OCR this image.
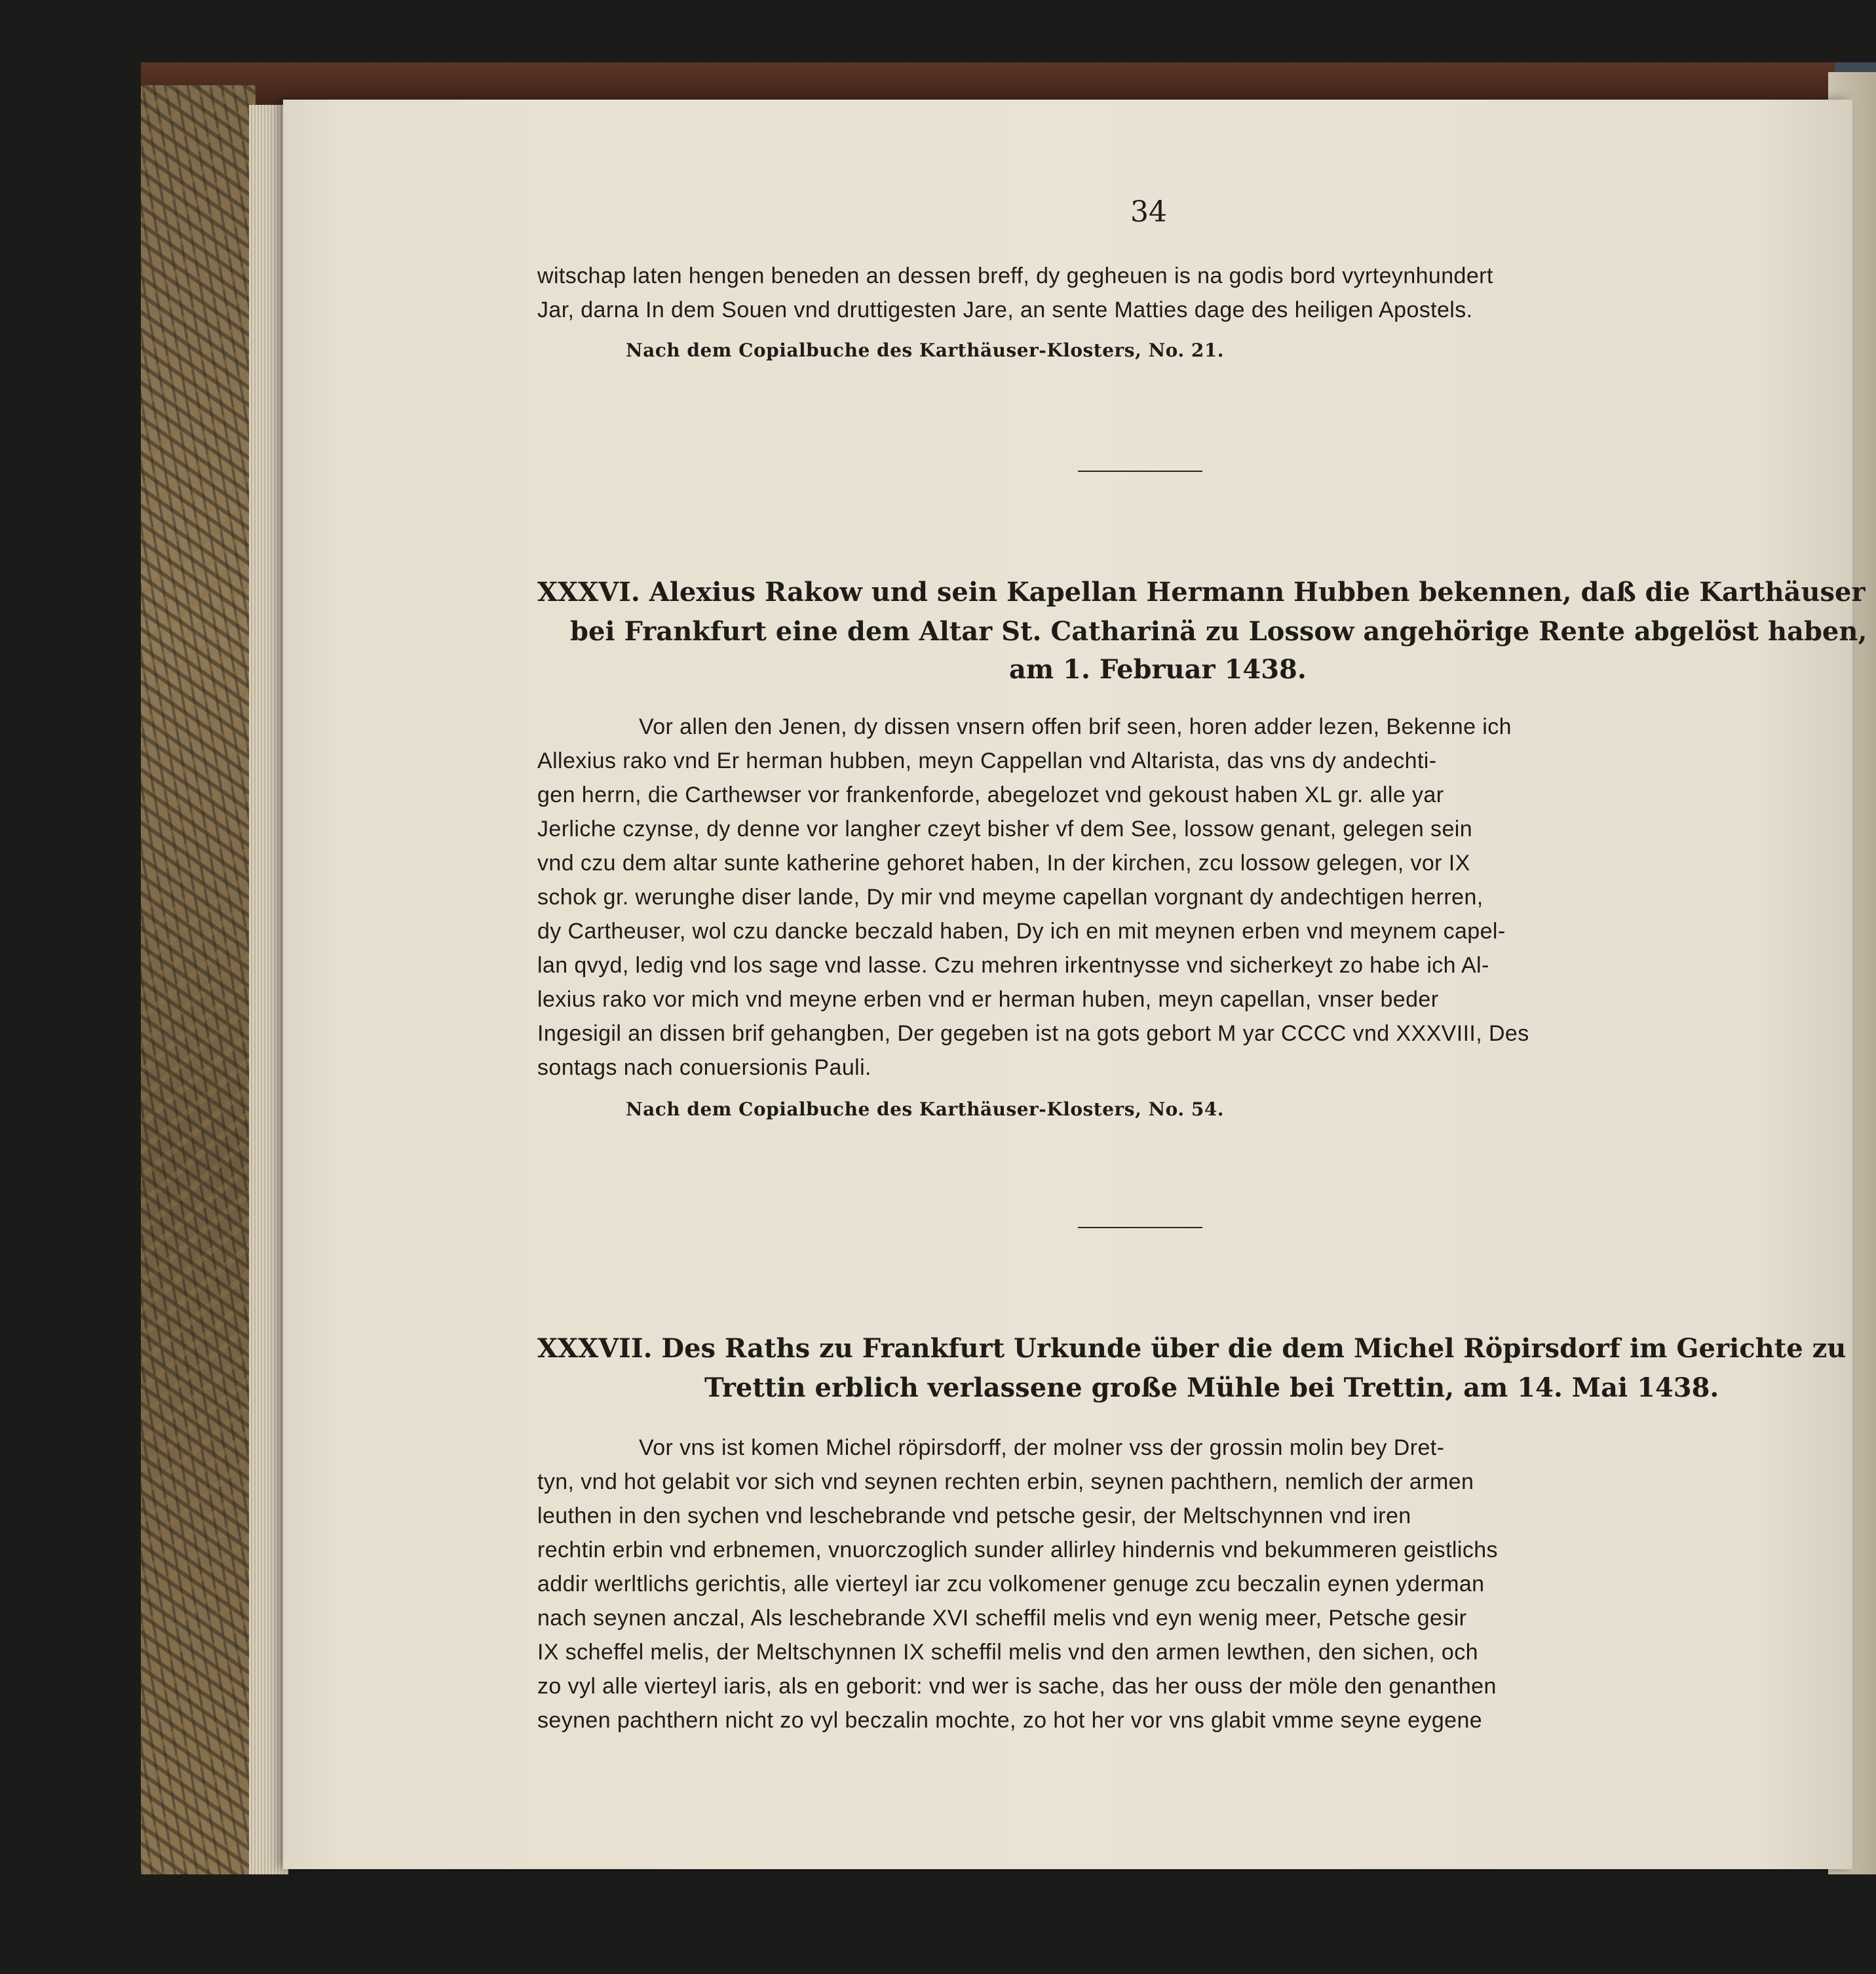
34
witschap laten hengen beneden an dessen breff, dy gegheuen is na godis bord vyrteynhundert
Jar, darna In dem Souen vnd druttigesten Jare, an sente Matties dage des heiligen Apostels.
Nach dem Copialbuche des Karthäuser-Klosters, No. 21.
XXXVI. Alexius Rakow und sein Kapellan Hermann Hubben bekennen, daß die Karthäuser
bei Frankfurt eine dem Altar St. Catharinä zu Lossow angehörige Rente abgelöst haben,
am 1. Februar 1438.
Vor allen den Jenen, dy dissen vnsern offen brif seen, horen adder lezen, Bekenne ich
Allexius rako vnd Er herman hubben, meyn Cappellan vnd Altarista, das vns dy andechti-
gen herrn, die Carthewser vor frankenforde, abegelozet vnd gekoust haben XL gr. alle yar
Jerliche czynse, dy denne vor langher czeyt bisher vf dem See, lossow genant, gelegen sein
vnd czu dem altar sunte katherine gehoret haben, In der kirchen, zcu lossow gelegen, vor IX
schok gr. werunghe diser lande, Dy mir vnd meyme capellan vorgnant dy andechtigen herren,
dy Cartheuser, wol czu dancke beczald haben, Dy ich en mit meynen erben vnd meynem capel-
lan qvyd, ledig vnd los sage vnd lasse. Czu mehren irkentnysse vnd sicherkeyt zo habe ich Al-
lexius rako vor mich vnd meyne erben vnd er herman huben, meyn capellan, vnser beder
Ingesigil an dissen brif gehangben, Der gegeben ist na gots gebort M yar CCCC vnd XXXVIII, Des
sontags nach conuersionis Pauli.
Nach dem Copialbuche des Karthäuser-Klosters, No. 54.
XXXVII. Des Raths zu Frankfurt Urkunde über die dem Michel Röpirsdorf im Gerichte zu
Trettin erblich verlassene große Mühle bei Trettin, am 14. Mai 1438.
Vor vns ist komen Michel röpirsdorff, der molner vss der grossin molin bey Dret-
tyn, vnd hot gelabit vor sich vnd seynen rechten erbin, seynen pachthern, nemlich der armen
leuthen in den sychen vnd leschebrande vnd petsche gesir, der Meltschynnen vnd iren
rechtin erbin vnd erbnemen, vnuorczoglich sunder allirley hindernis vnd bekummeren geistlichs
addir werltlichs gerichtis, alle vierteyl iar zcu volkomener genuge zcu beczalin eynen yderman
nach seynen anczal, Als leschebrande XVI scheffil melis vnd eyn wenig meer, Petsche gesir
IX scheffel melis, der Meltschynnen IX scheffil melis vnd den armen lewthen, den sichen, och
zo vyl alle vierteyl iaris, als en geborit: vnd wer is sache, das her ouss der möle den genanthen
seynen pachthern nicht zo vyl beczalin mochte, zo hot her vor vns glabit vmme seyne eygene
